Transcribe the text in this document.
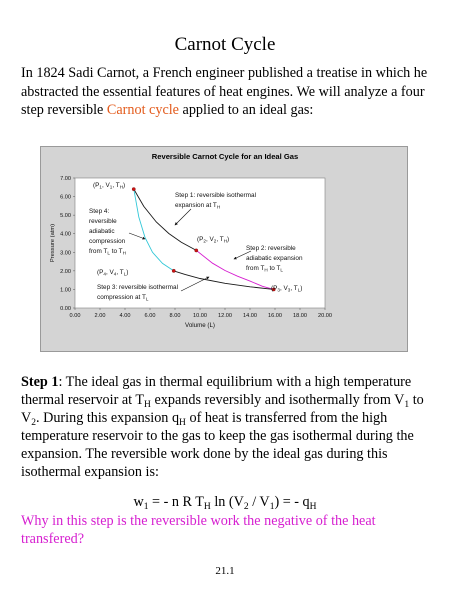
Carnot Cycle
In 1824 Sadi Carnot, a French engineer published a treatise in which he abstracted the essential features of heat engines. We will analyze a four step reversible Carnot cycle applied to an ideal gas:
Reversible Carnot Cycle for an Ideal Gas
0.00
1.00
2.00
3.00
4.00
5.00
6.00
7.00
0.00	2.00	4.00	6.00	8.00 10.00 12.00 14.00 16.00 18.00 20.00
Volume (L)
Pressure (atm)
($P_1$, $V_1$, $T_H$)
($P_2$, $V_2$, $T_H$)
($P_3$, $V_3$, $T_L$)
($P_4$, $V_4$, $T_L$)
Step 1: reversible isothermal
expansion at $T_H$
Step 2: reversible
adiabatic expansion
from $T_H$ to $T_L$
Step 3: reversible isothermal
compression at $T_L$
Step 4:
reversible
adiabatic
compression
from $T_L$ to $T_H$
Step 1: The ideal gas in thermal equilibrium with a high temperature thermal reservoir at $T_H$ expands reversibly and isothermally from $V_1$ to $V_2$. During this expansion $q_H$ of heat is transferred from the high temperature reservoir to the gas to keep the gas isothermal during the expansion. The reversible work done by the ideal gas during this isothermal expansion is:
$w_1$ = - n R $T_H$ $\ln (V_2 / V_1)$ = - $q_H$
Why in this step is the reversible work the negative of the heat transfered?
21.1
